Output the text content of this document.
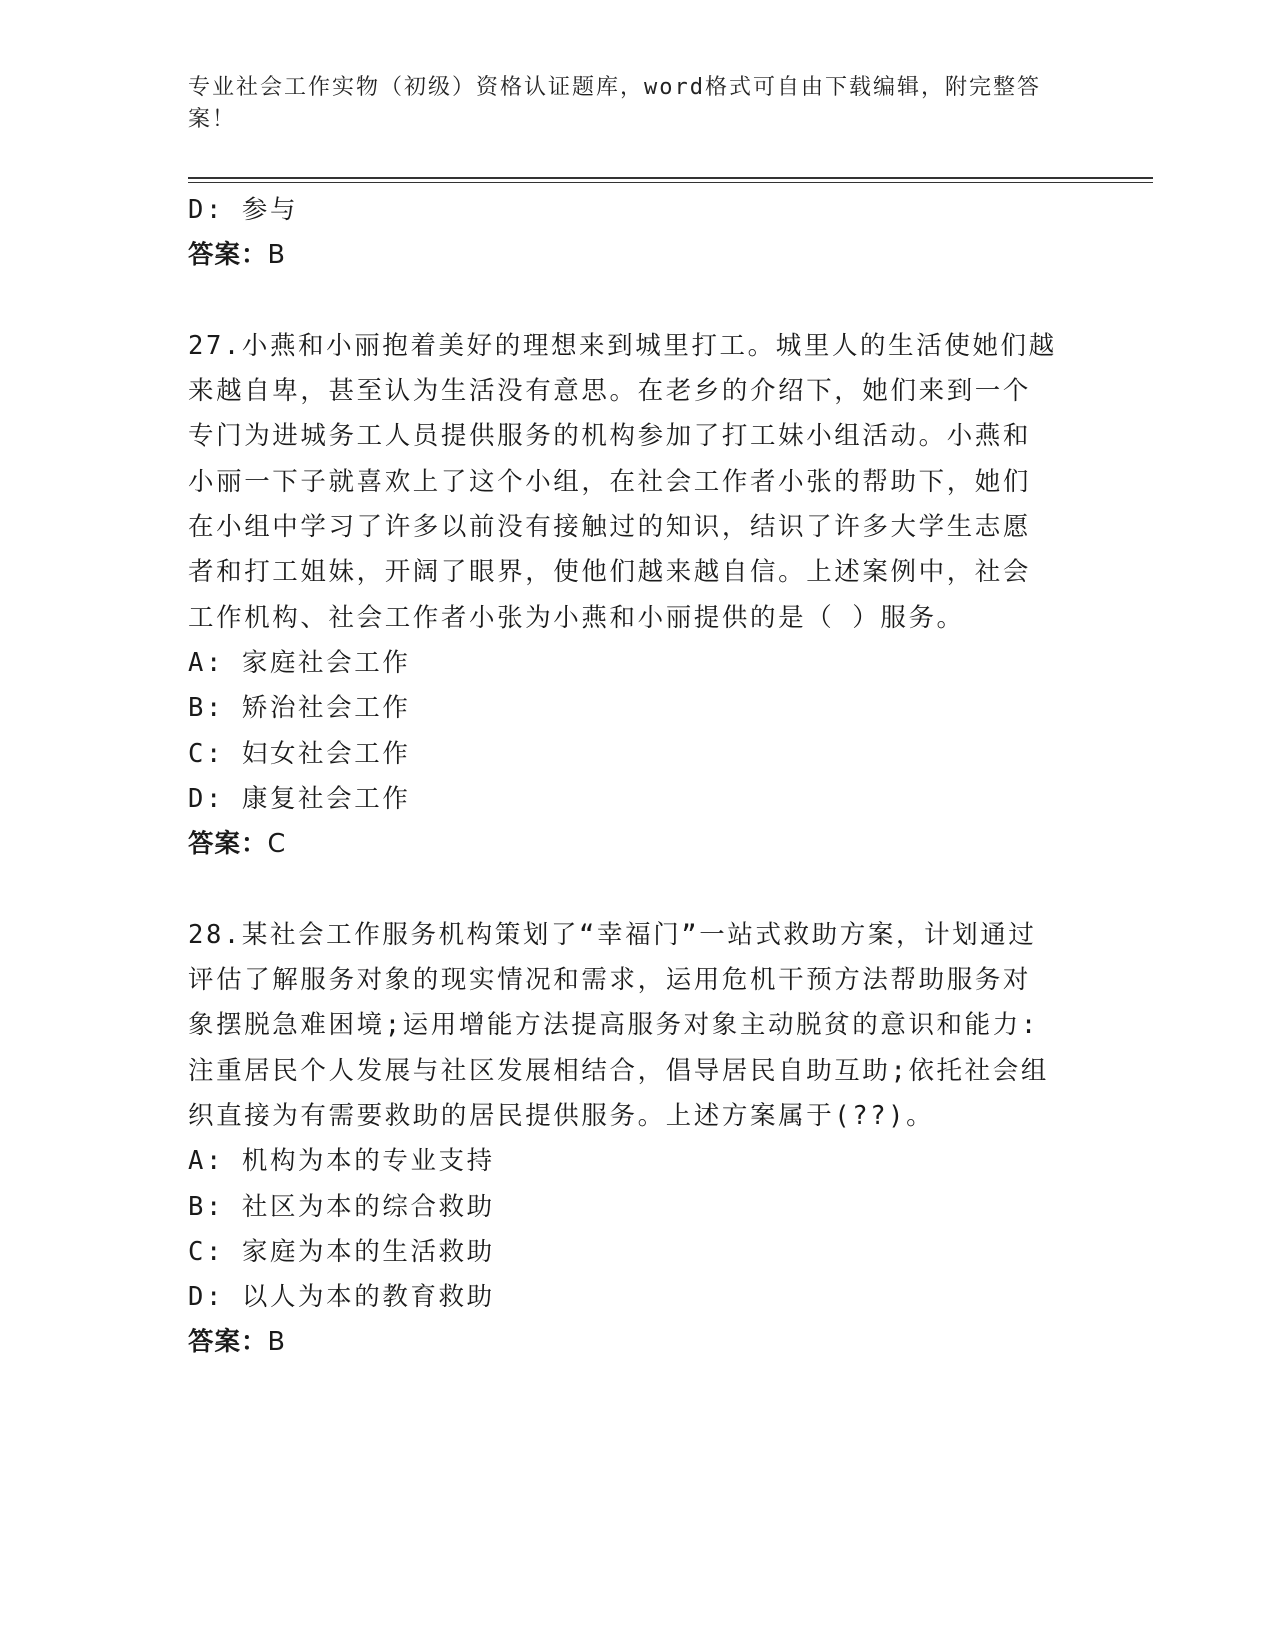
专业社会工作实物（初级）资格认证题库，word格式可自由下载编辑，附完整答案！
D: 参与
答案：B
27.小燕和小丽抱着美好的理想来到城里打工。城里人的生活使她们越
来越自卑，甚至认为生活没有意思。在老乡的介绍下，她们来到一个
专门为进城务工人员提供服务的机构参加了打工妹小组活动。小燕和
小丽一下子就喜欢上了这个小组，在社会工作者小张的帮助下，她们
在小组中学习了许多以前没有接触过的知识，结识了许多大学生志愿
者和打工姐妹，开阔了眼界，使他们越来越自信。上述案例中，社会
工作机构、社会工作者小张为小燕和小丽提供的是（ ）服务。
A: 家庭社会工作
B: 矫治社会工作
C: 妇女社会工作
D: 康复社会工作
答案：C
28.某社会工作服务机构策划了“幸福门”一站式救助方案，计划通过
评估了解服务对象的现实情况和需求，运用危机干预方法帮助服务对
象摆脱急难困境;运用增能方法提高服务对象主动脱贫的意识和能力:
注重居民个人发展与社区发展相结合，倡导居民自助互助;依托社会组
织直接为有需要救助的居民提供服务。上述方案属于(??)。
A: 机构为本的专业支持
B: 社区为本的综合救助
C: 家庭为本的生活救助
D: 以人为本的教育救助
答案：B
